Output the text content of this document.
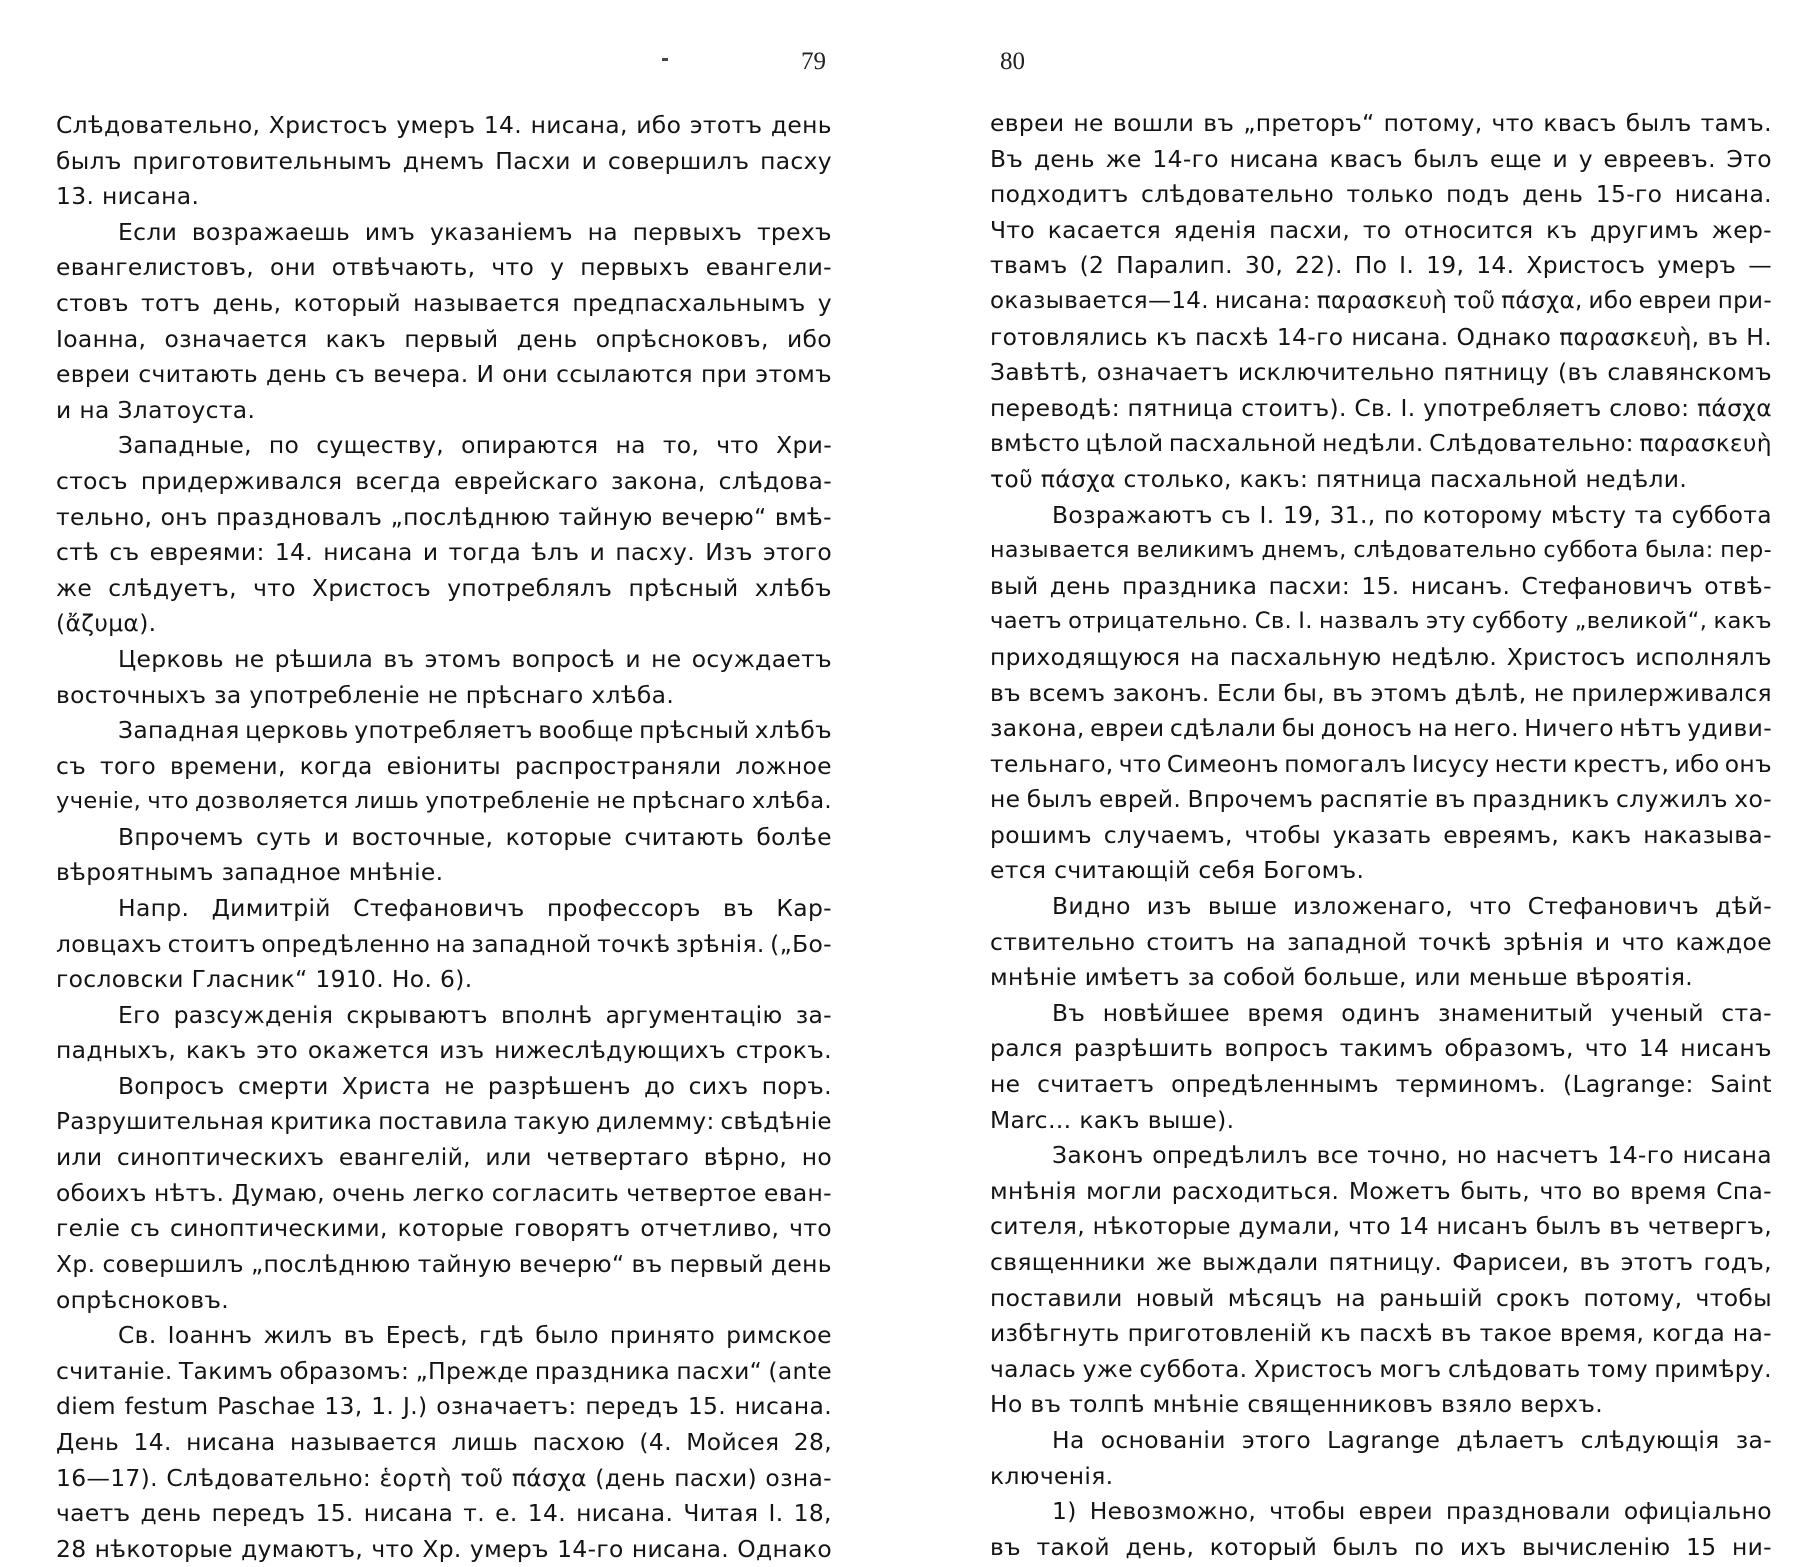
79
Слѣдовательно, Христосъ умеръ 14. нисана, ибо этотъ день
былъ приготовительнымъ днемъ Пасхи и совершилъ пасху
13. нисана.
Если возражаешь имъ указаніемъ на первыхъ трехъ
евангелистовъ, они отвѣчають, что у первыхъ евангели-
стовъ тотъ день, который называется предпасхальнымъ у
Іоанна, означается какъ первый день опрѣсноковъ, ибо
евреи считають день съ вечера. И они ссылаются при этомъ
и на Златоуста.
Западные, по существу, опираются на то, что Хри-
стосъ придерживался всегда еврейскаго закона, слѣдова-
тельно, онъ праздновалъ „послѣднюю тайную вечерю“ вмѣ-
стѣ съ евреями: 14. нисана и тогда ѣлъ и пасху. Изъ этого
же слѣдуетъ, что Христосъ употреблялъ прѣсный хлѣбъ
(ἄζυμα).
Церковь не рѣшила въ этомъ вопросѣ и не осуждаетъ
восточныхъ за употребленіе не прѣснаго хлѣба.
Западная церковь употребляетъ вообще прѣсный хлѣбъ
съ того времени, когда евіониты распространяли ложное
ученіе, что дозволяется лишь употребленіе не прѣснаго хлѣба.
Впрочемъ суть и восточные, которые считають болѣе
вѣроятнымъ западное мнѣніе.
Напр. Димитрій Стефановичъ профессоръ въ Кар-
ловцахъ стоитъ опредѣленно на западной точкѣ зрѣнія. („Бо-
гословски Гласник“ 1910. Но. 6).
Его разсужденія скрываютъ вполнѣ аргументацію за-
падныхъ, какъ это окажется изъ нижеслѣдующихъ строкъ.
Вопросъ смерти Христа не разрѣшенъ до сихъ поръ.
Разрушительная критика поставила такую дилемму: свѣдѣніе
или синоптическихъ евангелій, или четвертаго вѣрно, но
обоихъ нѣтъ. Думаю, очень легко согласить четвертое еван-
геліе съ синоптическими, которые говорятъ отчетливо, что
Хр. совершилъ „послѣднюю тайную вечерю“ въ первый день
опрѣсноковъ.
Св. Іоаннъ жилъ въ Ересѣ, гдѣ было принято римское
считаніе. Такимъ образомъ: „Прежде праздника пасхи“ (ante
diem festum Paschae 13, 1. J.) означаетъ: передъ 15. нисана.
День 14. нисана называется лишь пасхою (4. Мойсея 28,
16—17). Слѣдовательно: ἑορτὴ τοῦ πάσχα (день пасхи) озна-
чаетъ день передъ 15. нисана т. е. 14. нисана. Читая І. 18,
28 нѣкоторые думаютъ, что Хр. умеръ 14-го нисана. Однако
80
евреи не вошли въ „преторъ“ потому, что квасъ былъ тамъ.
Въ день же 14-го нисана квасъ былъ еще и у евреевъ. Это
подходитъ слѣдовательно только подъ день 15-го нисана.
Что касается яденія пасхи, то относится къ другимъ жер-
твамъ (2 Паралип. 30, 22). По І. 19, 14. Христосъ умеръ —
оказывается—14. нисана: παρασκευὴ τοῦ πάσχα, ибо евреи при-
готовлялись къ пасхѣ 14-го нисана. Однако παρασκευὴ, въ Н.
Завѣтѣ, означаетъ исключительно пятницу (въ славянскомъ
переводѣ: пятница стоитъ). Св. І. употребляетъ слово: πάσχα
вмѣсто цѣлой пасхальной недѣли. Слѣдовательно: παρασκευὴ
τοῦ πάσχα столько, какъ: пятница пасхальной недѣли.
Возражаютъ съ І. 19, 31., по которому мѣсту та суббота
называется великимъ днемъ, слѣдовательно суббота была: пер-
вый день праздника пасхи: 15. нисанъ. Стефановичъ отвѣ-
чаетъ отрицательно. Св. І. назвалъ эту субботу „великой“, какъ
приходящуюся на пасхальную недѣлю. Христосъ исполнялъ
въ всемъ законъ. Если бы, въ этомъ дѣлѣ, не прилерживался
закона, евреи сдѣлали бы доносъ на него. Ничего нѣтъ удиви-
тельнаго, что Симеонъ помогалъ Іисусу нести крестъ, ибо онъ
не былъ еврей. Впрочемъ распятіе въ праздникъ служилъ хо-
рошимъ случаемъ, чтобы указать евреямъ, какъ наказыва-
ется считающій себя Богомъ.
Видно изъ выше изложенаго, что Стефановичъ дѣй-
ствительно стоитъ на западной точкѣ зрѣнія и что каждое
мнѣніе имѣетъ за собой больше, или меньше вѣроятія.
Въ новѣйшее время одинъ знаменитый ученый ста-
рался разрѣшить вопросъ такимъ образомъ, что 14 нисанъ
не считаетъ опредѣленнымъ терминомъ. (Lagrange: Saint
Marc… какъ выше).
Законъ опредѣлилъ все точно, но насчетъ 14-го нисана
мнѣнія могли расходиться. Можетъ быть, что во время Спа-
сителя, нѣкоторые думали, что 14 нисанъ былъ въ четвергъ,
священники же выждали пятницу. Фарисеи, въ этотъ годъ,
поставили новый мѣсяцъ на раньшій срокъ потому, чтобы
избѣгнуть приготовленій къ пасхѣ въ такое время, когда на-
чалась уже суббота. Христосъ могъ слѣдовать тому примѣру.
Но въ толпѣ мнѣніе священниковъ взяло верхъ.
На основаніи этого Lagrange дѣлаетъ слѣдующія за-
ключенія.
1) Невозможно, чтобы евреи праздновали офиціально
въ такой день, который былъ по ихъ вычисленію 15 ни-
